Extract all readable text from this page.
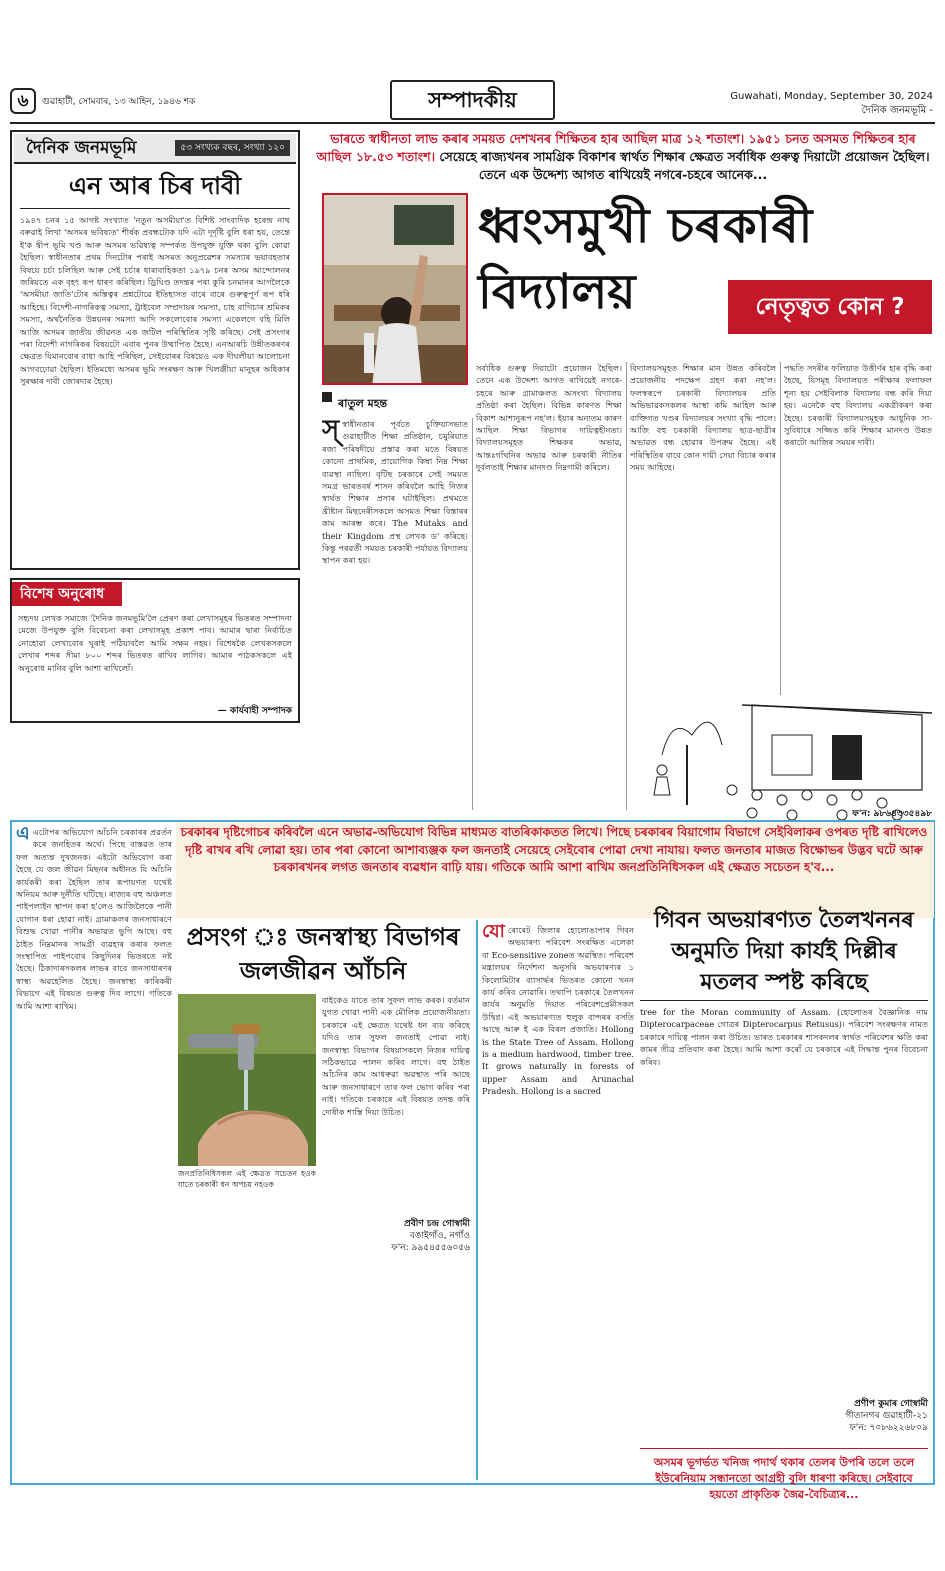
৬	গুৱাহাটী, সোমবাৰ, ১৩ আহিন, ১৯৪৬ শক	সম্পাদকীয়	Guwahati, Monday, September 30, 2024
দৈনিক জনমভূমি -
দৈনিক জনমভূমি	৫৩ সংখ্যক বছৰ, সংখ্যা ১২০
এন আৰ চিৰ দাবী
১৯৪৭ চনৰ ১৫ আগষ্ট সংখ্যাত 'নতুন অসমীয়া'ত বিশিষ্ট সাংবাদিক হৰেন্দ্ৰ নাথ বৰুৱাই লিখা 'অসমৰ ভবিষ্যত' শীৰ্ষক প্ৰবন্ধটোক যদি এটা দূৰ্দৃষ্টি বুলি ধৰা হয়, তেন্তে ই'ক দ্বীপ ভূমি খণ্ড আৰু অসমৰ ভৱিষ্যত্ব সম্পৰ্কত উপযুক্ত যুক্তি থকা বুলি কোৱা হৈছিল। স্বাধীনতাৰ প্ৰথম দিনটোৰ পৰাই অসমত অনুপ্ৰৱেশৰ সমস্যাৰ ভয়াবহতাৰ বিষয়ে চৰ্চা চলিছিল আৰু সেই চৰ্চাৰ ধাৰাবাহিকতা ১৯৭৯ চনৰ অসম আন্দোলনৰ জৰিয়তে এক বৃহৎ ৰূপ ধাৰণ কৰিছিল। ড্ৰিঘিণ্ড তদন্তৰ পৰা কুৰি চনমানৰ আগলৈকে 'অসমীয়া জাতি'টোৰ অস্তিত্বৰ প্ৰশ্নটোৱে ইতিহাসত বাৰে বাৰে গুৰুত্বপূৰ্ণ ৰূপ ধৰি আহিছে। বিদেশী-নাগৰিকত্ব সমস্যা, ট্ৰাইবেল সম্প্ৰদায়ৰ সমস্যা, চাহ বাগিচাৰ শ্ৰমিকৰ সমস্যা, অৰ্থনৈতিক উন্নয়নৰ সমস্যা আদি সকলোবোৰ সমস্যা একেলগে বহি মিলি আজি অসমৰ জাতীয় জীৱনত এক জটিল পৰিস্থিতিৰ সৃষ্টি কৰিছে। সেই প্ৰসংগৰ পৰা বিদেশী নাগৰিকৰ বিষয়টো এবাৰ পুনৰ উত্থাপিত হৈছে। এনআৰচি উন্নীতকৰণৰ ক্ষেত্ৰত যিমানবোৰ বাধা আহি পৰিছিল, সেইবোৰৰ বিষয়েও এক দীঘলীয়া আলোচনা আগবঢ়োৱা হৈছিল। ইতিমধ্যে অসমৰ ভূমি সংৰক্ষণ আৰু খিলঞ্জীয়া মানুহৰ অধিকাৰ সুৰক্ষাৰ দাবী জোৰদাৰ হৈছে।
বিশেষ অনুৰোধ
সহৃদয় লেখক সমাজে 'দৈনিক জনমভূমি'লৈ প্ৰেৰণ কৰা লেখাসমূহৰ ভিতৰত সম্পাদনা মেজে উপযুক্ত বুলি বিবেচনা কৰা লেখাসমূহ প্ৰকাশ পাব। আমাৰ দ্বাৰা নিৰ্বাচিত নোহোৱা লেখাবোৰ ঘূৰাই পঠিয়াবলৈ আমি সক্ষম নহয়। বিশেষকৈ লেখকসকলে লেখাৰ শব্দৰ সীমা ৮০০ শব্দৰ ভিতৰত ৰাখিব লাগিব। আমাৰ পাঠকসকলে এই অনুৰোধ মানিব বুলি আশা ৰাখিলোঁ।
— কাৰ্যবাহী সম্পাদক
ভাৰতে স্বাধীনতা লাভ কৰাৰ সময়ত দেশখনৰ শিক্ষিতৰ হাৰ আছিল মাত্ৰ ১২ শতাংশ। ১৯৫১ চনত অসমত শিক্ষিতৰ হাৰ আছিল ১৮.৫৩ শতাংশ। সেয়েহে ৰাজ্যখনৰ সামগ্ৰিক বিকাশৰ স্বাৰ্থত শিক্ষাৰ ক্ষেত্ৰত সৰ্বাধিক গুৰুত্ব দিয়াটো প্ৰয়োজন হৈছিল। তেনে এক উদ্দেশ্য আগত ৰাখিয়েই নগৰে-চহৰে আনেক...
ধ্বংসমুখী চৰকাৰী
বিদ্যালয়	নেতৃত্বত কোন ?
ৰাতুল মহন্ত
স্স্বাধীনতাৰ পূৰ্বতে চুক্তিয়াসভাত গুৱাহাটীত শিক্ষা প্ৰতিষ্ঠান, চমুৰিয়াত ৰজা পৰিষদীয়ে প্ৰস্তাৱ কৰা মতে বিষয়ত কোনো প্ৰাথমিক, প্ৰায়োগিক কিম্বা নিম্ন শিক্ষা ব্যৱস্থা নাছিল। বৃটিছ চৰকাৰে সেই সময়ত সমগ্ৰ ভাৰতবৰ্ষ শাসন কৰিবলৈ আহি নিজৰ স্বাৰ্থত শিক্ষাৰ প্ৰসাৰ ঘটাইছিল। প্ৰথমতে খ্ৰীষ্টান মিছনেৰীসকলে অসমত শিক্ষা বিস্তাৰৰ কাম আৰম্ভ কৰে। The Mutaks and their Kingdom প্ৰস্থ লেখক ড' কৰিছে। কিন্তু পৰৱৰ্তী সময়ত চৰকাৰী পৰ্যায়ত বিদ্যালয় স্থাপন কৰা হয়।
সৰ্বাধিক গুৰুত্ব দিয়াটো প্ৰয়োজন হৈছিল। তেনে এক উদ্দেশ্য আগত ৰাখিয়েই নগৰে-চহৰে আৰু গ্ৰামাঞ্চলত অসংখ্য বিদ্যালয় প্ৰতিষ্ঠা কৰা হৈছিল। বিভিন্ন কাৰণত শিক্ষা বিকাশ আশানুৰূপ নহ'ল। ইয়াৰ অন্যতম কাৰণ আছিল শিক্ষা বিভাগৰ দায়িত্বহীনতা। বিদ্যালয়সমূহত শিক্ষকৰ অভাৱ, আন্তঃগাঁথনিৰ অভাৱ আৰু চৰকাৰী নীতিৰ দুৰ্বলতাই শিক্ষাৰ মানদণ্ড নিম্নগামী কৰিলে।
বিদ্যালয়সমূহত শিক্ষাৰ মান উন্নত কৰিবলৈ প্ৰয়োজনীয় পদক্ষেপ গ্ৰহণ কৰা নহ'ল। ফলস্বৰূপে চৰকাৰী বিদ্যালয়ৰ প্ৰতি অভিভাৱকসকলৰ আস্থা কমি আহিল আৰু ব্যক্তিগত খণ্ডৰ বিদ্যালয়ৰ সংখ্যা বৃদ্ধি পালে। আজি বহু চৰকাৰী বিদ্যালয় ছাত্ৰ-ছাত্ৰীৰ অভাৱত বন্ধ হোৱাৰ উপক্ৰম হৈছে। এই পৰিস্থিতিৰ বাবে কোন দায়ী সেয়া বিচাৰ কৰাৰ সময় আহিছে।
পদ্ধতি সদৰীৰ ফলিয়াত উত্তীৰ্ণৰ হাৰ বৃদ্ধি কৰা হৈছে, যিসমূহ বিদ্যালয়ত পৰীক্ষাৰ ফলাফল শূন্য হয় সেইবিলাক বিদ্যালয় বন্ধ কৰি দিয়া হয়। এনেকৈ বহু বিদ্যালয় একত্ৰীকৰণ কৰা হৈছে। চৰকাৰী বিদ্যালয়সমূহক আধুনিক সা-সুবিধাৰে সজ্জিত কৰি শিক্ষাৰ মানদণ্ড উন্নত কৰাটো আজিৰ সময়ৰ দাবী।
ফ'ন: ৯৮৬৪৩৩৫৪৯৮
চৰকাৰৰ দৃষ্টিগোচৰ কৰিবলৈ এনে অভাৱ-অভিযোগ বিভিন্ন মাধ্যমত বাতৰিকাকতত লিখে। পিছে চৰকাৰৰ বিয়াগোম বিভাগে সেইবিলাকৰ ওপৰত দৃষ্টি ৰাখিলেও দৃষ্টি ৰাখৰ ৰখি লোৱা হয়। তাৰ পৰা কোনো আশাব্যঞ্জক ফল জনতাই সেয়েহে সেইবোৰ পোৱা দেখা নাযায়। ফলত জনতাৰ মাজত বিক্ষোভৰ উদ্ভব ঘটে আৰু চৰকাৰখনৰ লগত জনতাৰ ব্যৱধান বাঢ়ি যায়। গতিকে আমি আশা ৰাখিম জনপ্ৰতিনিধিসকল এই ক্ষেত্ৰত সচেতন হ'ব...
এএটোপৰ অভিযোগ আঁচনি চৰকাৰৰ প্ৰৱৰ্তন কৰে জনহিতৰ অৰ্থে। পিছে বাস্তৱত তাৰ ফল অত্যন্ত দুখজনক। এইটো অভিযোগ কৰা হৈছে যে জল জীৱন মিছনৰ অধীনত যি আঁচনি কাৰ্যকৰী কৰা হৈছিল তাৰ ৰূপায়ণত যথেষ্ট অনিয়ম আৰু দুৰ্নীতি ঘটিছে। ৰাজ্যৰ বহু অঞ্চলত পাইপলাইন স্থাপন কৰা হ'লেও আজিলৈকে পানী যোগান ধৰা হোৱা নাই। গ্ৰামাঞ্চলৰ জনসাধাৰণে বিশুদ্ধ খোৱা পানীৰ অভাৱত ভুগি আছে। বহু ঠাইত নিম্নমানৰ সামগ্ৰী ব্যৱহাৰ কৰাৰ ফলত সংস্থাপিত পাইপবোৰ কিছুদিনৰ ভিতৰতে নষ্ট হৈছে। ঠিকাদাৰসকলৰ লাভৰ বাবে জনসাধাৰণৰ স্বাস্থ্য অৱহেলিত হৈছে। জনস্বাস্থ্য কাৰিকৰী বিভাগে এই বিষয়ত গুৰুত্ব দিব লাগে। গতিকে আমি আশা ৰাখিম।
প্ৰসংগ ঃ জনস্বাস্থ্য বিভাগৰ জলজীৱন আঁচনি
জনপ্ৰতিনিধিসকল এই ক্ষেত্ৰত সচেতন হওক যাতে চৰকাৰী ধন অপচয় নহওক
বাইকেও যাতে তাৰ সুফল লাভ কৰক। বৰ্তমান যুগত খোৱা পানী এক মৌলিক প্ৰয়োজনীয়তা। চৰকাৰে এই ক্ষেত্ৰত যথেষ্ট ধন ব্যয় কৰিছে যদিও তাৰ সুফল জনতাই পোৱা নাই। জনস্বাস্থ্য বিভাগৰ বিষয়াসকলে নিজৰ দায়িত্ব সঠিকভাৱে পালন কৰিব লাগে। বহু ঠাইত আঁচনিৰ কাম আধৰুৱা অৱস্থাত পৰি আছে আৰু জনসাধাৰণে তাৰ ফল ভোগ কৰিব পৰা নাই। গতিকে চৰকাৰে এই বিষয়ত তদন্ত কৰি দোষীক শাস্তি দিয়া উচিত।
প্ৰবীণ চন্দ্ৰ গোস্বামী
বঙাইগাঁও, নগাঁও
ফ'ন: ৯৯৫৪৫৫৬০৫৬
যোৰোৰেট জিলাৰ হোলোঙাপাৰ গিবন অভয়াৰণ্য পৰিবেশ সংৰক্ষিত এলেকা বা Eco-sensitive zoneত অৱস্থিত। পৰিবেশ মন্ত্ৰালয়ৰ নিৰ্দেশনা অনুসৰি অভয়াৰণ্যৰ ১ কিলোমিটাৰ ব্যাসাৰ্দ্ধৰ ভিতৰত কোনো খনন কাৰ্য কৰিব নোৱাৰি। তথাপি চৰকাৰে তৈলখনন কাৰ্যৰ অনুমতি দিয়াত পৰিবেশপ্ৰেমীসকল উদ্বিগ্ন। এই অভয়াৰণ্যত হুলুক বান্দৰৰ বসতি আছে আৰু ই এক বিৰল প্ৰজাতি। Hollong is the State Tree of Assam. Hollong is a medium hardwood, timber tree. It grows naturally in forests of upper Assam and Arunachal Pradesh. Hollong is a sacred
গিবন অভয়াৰণ্যত তৈলখননৰ অনুমতি দিয়া কাৰ্যই দিল্লীৰ মতলব স্পষ্ট কৰিছে
tree for the Moran community of Assam. (হোলোঙৰ বৈজ্ঞানিক নাম Dipterocarpaceae গোত্ৰৰ Dipterocarpus Retusus)। পৰিবেশ সংৰক্ষণৰ নামত চৰকাৰে দায়িত্ব পালন কৰা উচিত। ভাৰত চৰকাৰৰ শাসকদলৰ স্বাৰ্থত পৰিবেশৰ ক্ষতি কৰা কামৰ তীব্ৰ প্ৰতিবাদ কৰা হৈছে। আমি আশা কৰোঁ যে চৰকাৰে এই সিদ্ধান্ত পুনৰ বিবেচনা কৰিব।
প্ৰণীপ কুমাৰ গোস্বামী
গীতানগৰ গুৱাহাটী-২১
ফ'ন: ৭০৮৬২২৬৮০৯
অসমৰ ভূগৰ্ভত খনিজ পদাৰ্থ থকাৰ তেলৰ উপৰি তলে তলে ইউৰেনিয়াম সন্ধানতো আগ্ৰহী বুলি ধাৰণা কৰিছে। সেইবাবে হয়তো প্ৰাকৃতিক জৈৱ-বৈচিত্ৰ্যৰ...
